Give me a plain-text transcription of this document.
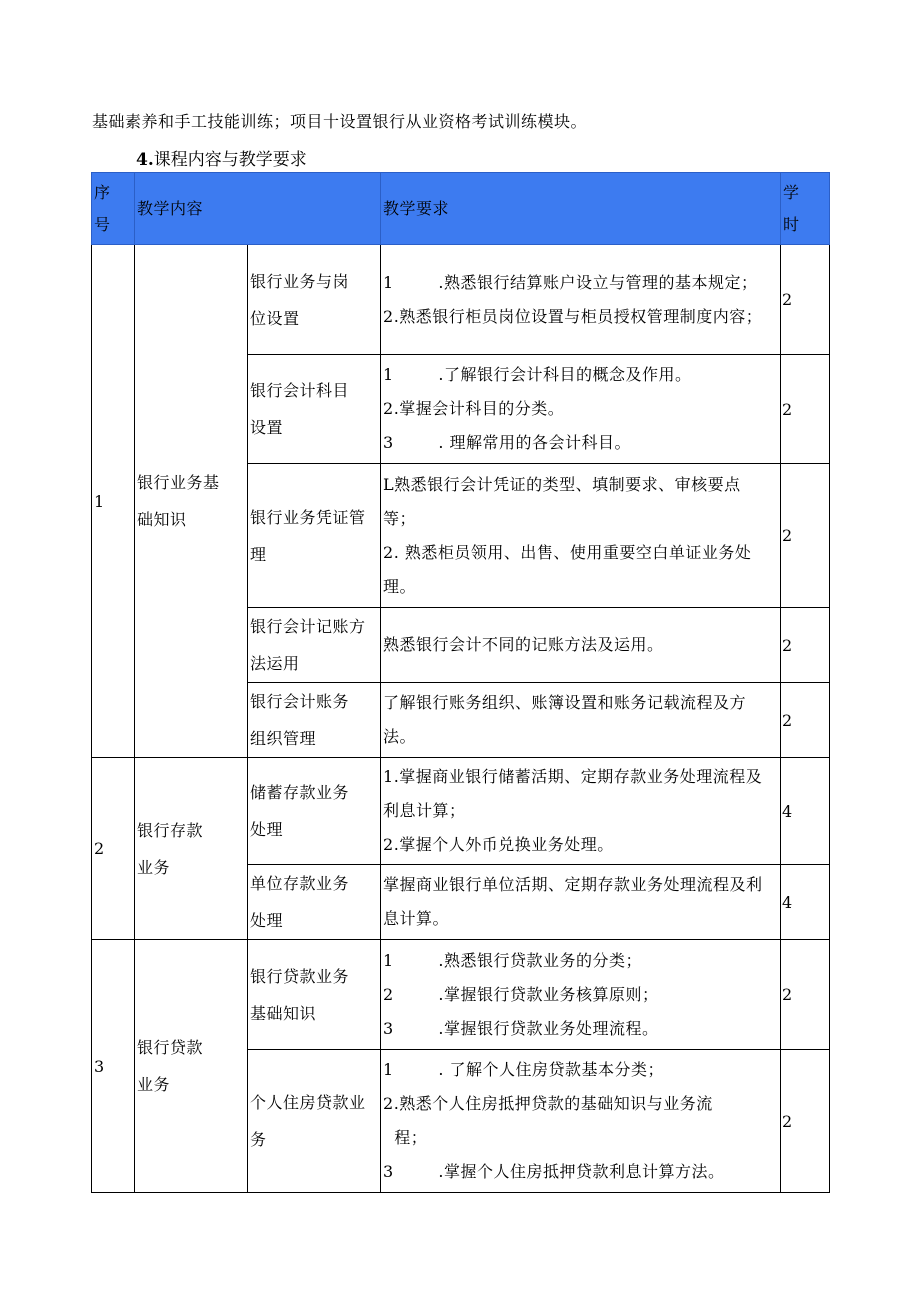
基础素养和手工技能训练；项目十设置银行从业资格考试训练模块。
4.课程内容与教学要求
序
号	教学内容		教学要求	学
时

1	银行业务基
础知识	银行业务与岗
位设置	1        .熟悉银行结算账户设立与管理的基本规定；
2.熟悉银行柜员岗位设置与柜员授权管理制度内容；	2

		银行会计科目
设置	1        .了解银行会计科目的概念及作用。
2.掌握会计科目的分类。
3        . 理解常用的各会计科目。	2

		银行业务凭证管
理	L熟悉银行会计凭证的类型、填制要求、审核要点
等；
2. 熟悉柜员领用、出售、使用重要空白单证业务处
理。	2

		银行会计记账方
法运用	熟悉银行会计不同的记账方法及运用。	2

		银行会计账务
组织管理	了解银行账务组织、账簿设置和账务记载流程及方
法。	2
2	银行存款
业务	储蓄存款业务
处理	1.掌握商业银行储蓄活期、定期存款业务处理流程及
利息计算；
2.掌握个人外币兑换业务处理。	4

		单位存款业务
处理	掌握商业银行单位活期、定期存款业务处理流程及利
息计算。	4
3	银行贷款
业务	银行贷款业务
基础知识	1        .熟悉银行贷款业务的分类；
2        .掌握银行贷款业务核算原则；
3        .掌握银行贷款业务处理流程。	2

		个人住房贷款业
务	1        . 了解个人住房贷款基本分类；
2.熟悉个人住房抵押贷款的基础知识与业务流
程；
3        .掌握个人住房抵押贷款利息计算方法。	2
